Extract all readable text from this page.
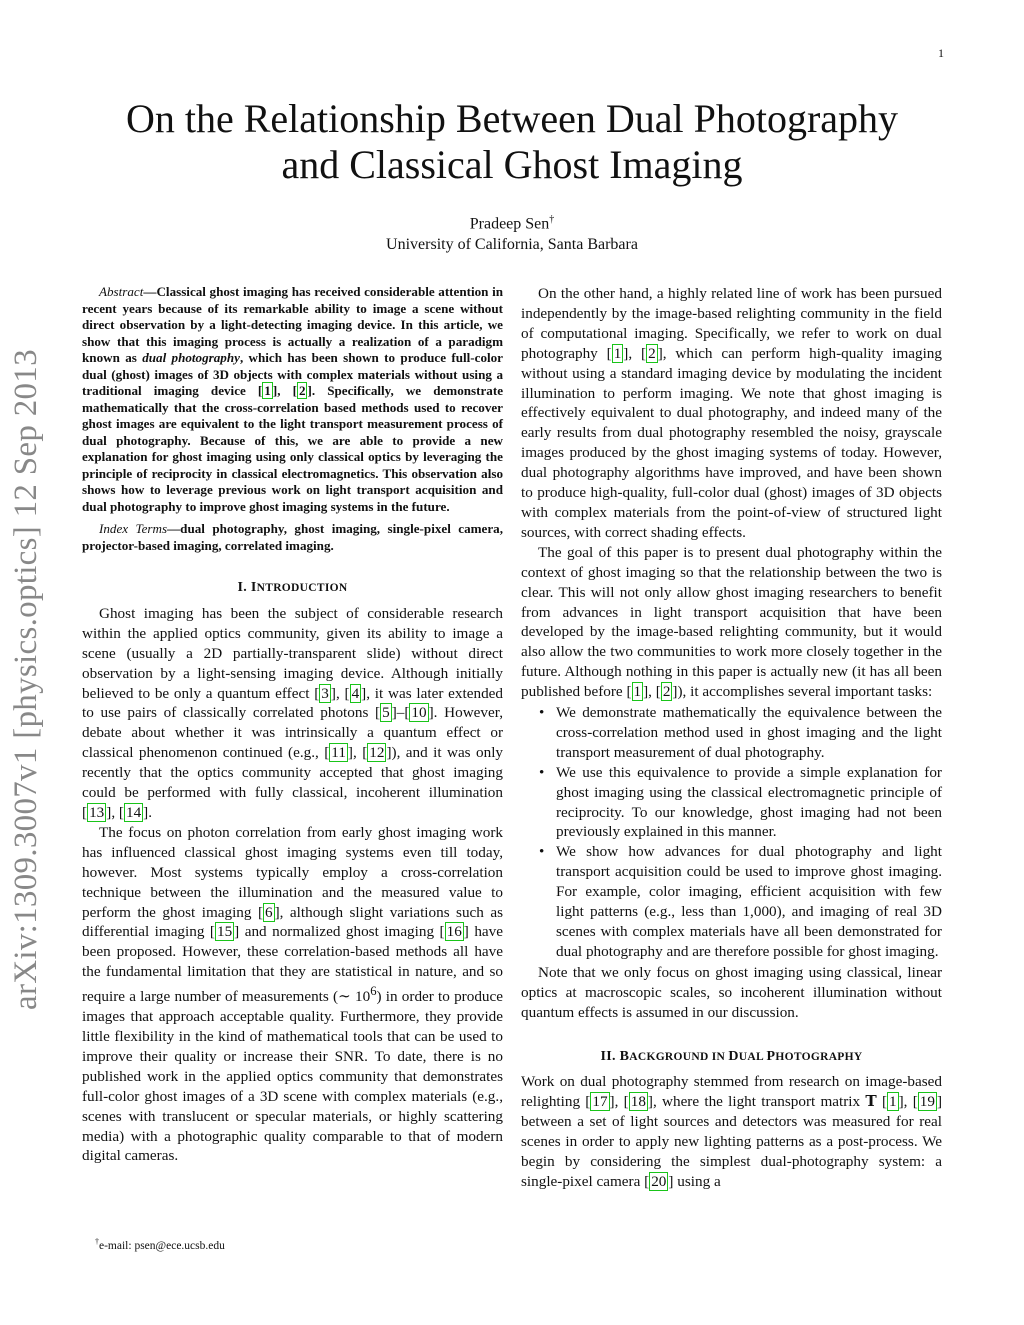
1
arXiv:1309.3007v1 [physics.optics] 12 Sep 2013
On the Relationship Between Dual Photography
and Classical Ghost Imaging
Pradeep Sen†
University of California, Santa Barbara

Abstract—Classical ghost imaging has received considerable attention in recent years because of its remarkable ability to image a scene without direct observation by a light-detecting imaging device. In this article, we show that this imaging process is actually a realization of a paradigm known as dual photography, which has been shown to produce full-color dual (ghost) images of 3D objects with complex materials without using a traditional imaging device [ 1 ], [ 2 ]. Specifically, we demonstrate mathematically that the cross-correlation based methods used to recover ghost images are equivalent to the light transport measurement process of dual photography. Because of this, we are able to provide a new explanation for ghost imaging using only classical optics by leveraging the principle of reciprocity in classical electromagnetics. This observation also shows how to leverage previous work on light transport acquisition and dual photography to improve ghost imaging systems in the future.

Index Terms—dual photography, ghost imaging, single-pixel camera, projector-based imaging, correlated imaging.

I. INTRODUCTION

Ghost imaging has been the subject of considerable research within the applied optics community, given its ability to image a scene (usually a 2D partially-transparent slide) without direct observation by a light-sensing imaging device. Although initially believed to be only a quantum effect [ 3 ], [ 4 ], it was later extended to use pairs of classically correlated photons [ 5 ]–[ 10 ]. However, debate about whether it was intrinsically a quantum effect or classical phenomenon continued (e.g., [ 11 ], [ 12 ]), and it was only recently that the optics community accepted that ghost imaging could be performed with fully classical, incoherent illumination [ 13 ], [ 14 ].

The focus on photon correlation from early ghost imaging work has influenced classical ghost imaging systems even till today, however. Most systems typically employ a cross-correlation technique between the illumination and the measured value to perform the ghost imaging [ 6 ], although slight variations such as differential imaging [ 15 ] and normalized ghost imaging [ 16 ] have been proposed. However, these correlation-based methods all have the fundamental limitation that they are statistical in nature, and so require a large number of measurements (∼ $10^6$) in order to produce images that approach acceptable quality. Furthermore, they provide little flexibility in the kind of mathematical tools that can be used to improve their quality or increase their SNR. To date, there is no published work in the applied optics community that demonstrates full-color ghost images of a 3D scene with complex materials (e.g., scenes with translucent or specular materials, or highly scattering media) with a photographic quality comparable to that of modern digital cameras.

On the other hand, a highly related line of work has been pursued independently by the image-based relighting community in the field of computational imaging. Specifically, we refer to work on dual photography [ 1 ], [ 2 ], which can perform high-quality imaging without using a standard imaging device by modulating the incident illumination to perform imaging. We note that ghost imaging is effectively equivalent to dual photography, and indeed many of the early results from dual photography resembled the noisy, grayscale images produced by the ghost imaging systems of today. However, dual photography algorithms have improved, and have been shown to produce high-quality, full-color dual (ghost) images of 3D objects with complex materials from the point-of-view of structured light sources, with correct shading effects.

The goal of this paper is to present dual photography within the context of ghost imaging so that the relationship between the two is clear. This will not only allow ghost imaging researchers to benefit from advances in light transport acquisition that have been developed by the image-based relighting community, but it would also allow the two communities to work more closely together in the future. Although nothing in this paper is actually new (it has all been published before [ 1 ], [ 2 ]), it accomplishes several important tasks:

• We demonstrate mathematically the equivalence between the cross-correlation method used in ghost imaging and the light transport measurement of dual photography.
• We use this equivalence to provide a simple explanation for ghost imaging using the classical electromagnetic principle of reciprocity. To our knowledge, ghost imaging had not been previously explained in this manner.
• We show how advances for dual photography and light transport acquisition could be used to improve ghost imaging. For example, color imaging, efficient acquisition with few light patterns (e.g., less than 1,000), and imaging of real 3D scenes with complex materials have all been demonstrated for dual photography and are therefore possible for ghost imaging.

Note that we only focus on ghost imaging using classical, linear optics at macroscopic scales, so incoherent illumination without quantum effects is assumed in our discussion.

II. BACKGROUND IN DUAL PHOTOGRAPHY

Work on dual photography stemmed from research on image-based relighting [ 17 ], [ 18 ], where the light transport matrix T [ 1 ], [ 19 ] between a set of light sources and detectors was measured for real scenes in order to apply new lighting patterns as a post-process. We begin by considering the simplest dual-photography system: a single-pixel camera [ 20 ] using a

†e-mail: psen@ece.ucsb.edu
